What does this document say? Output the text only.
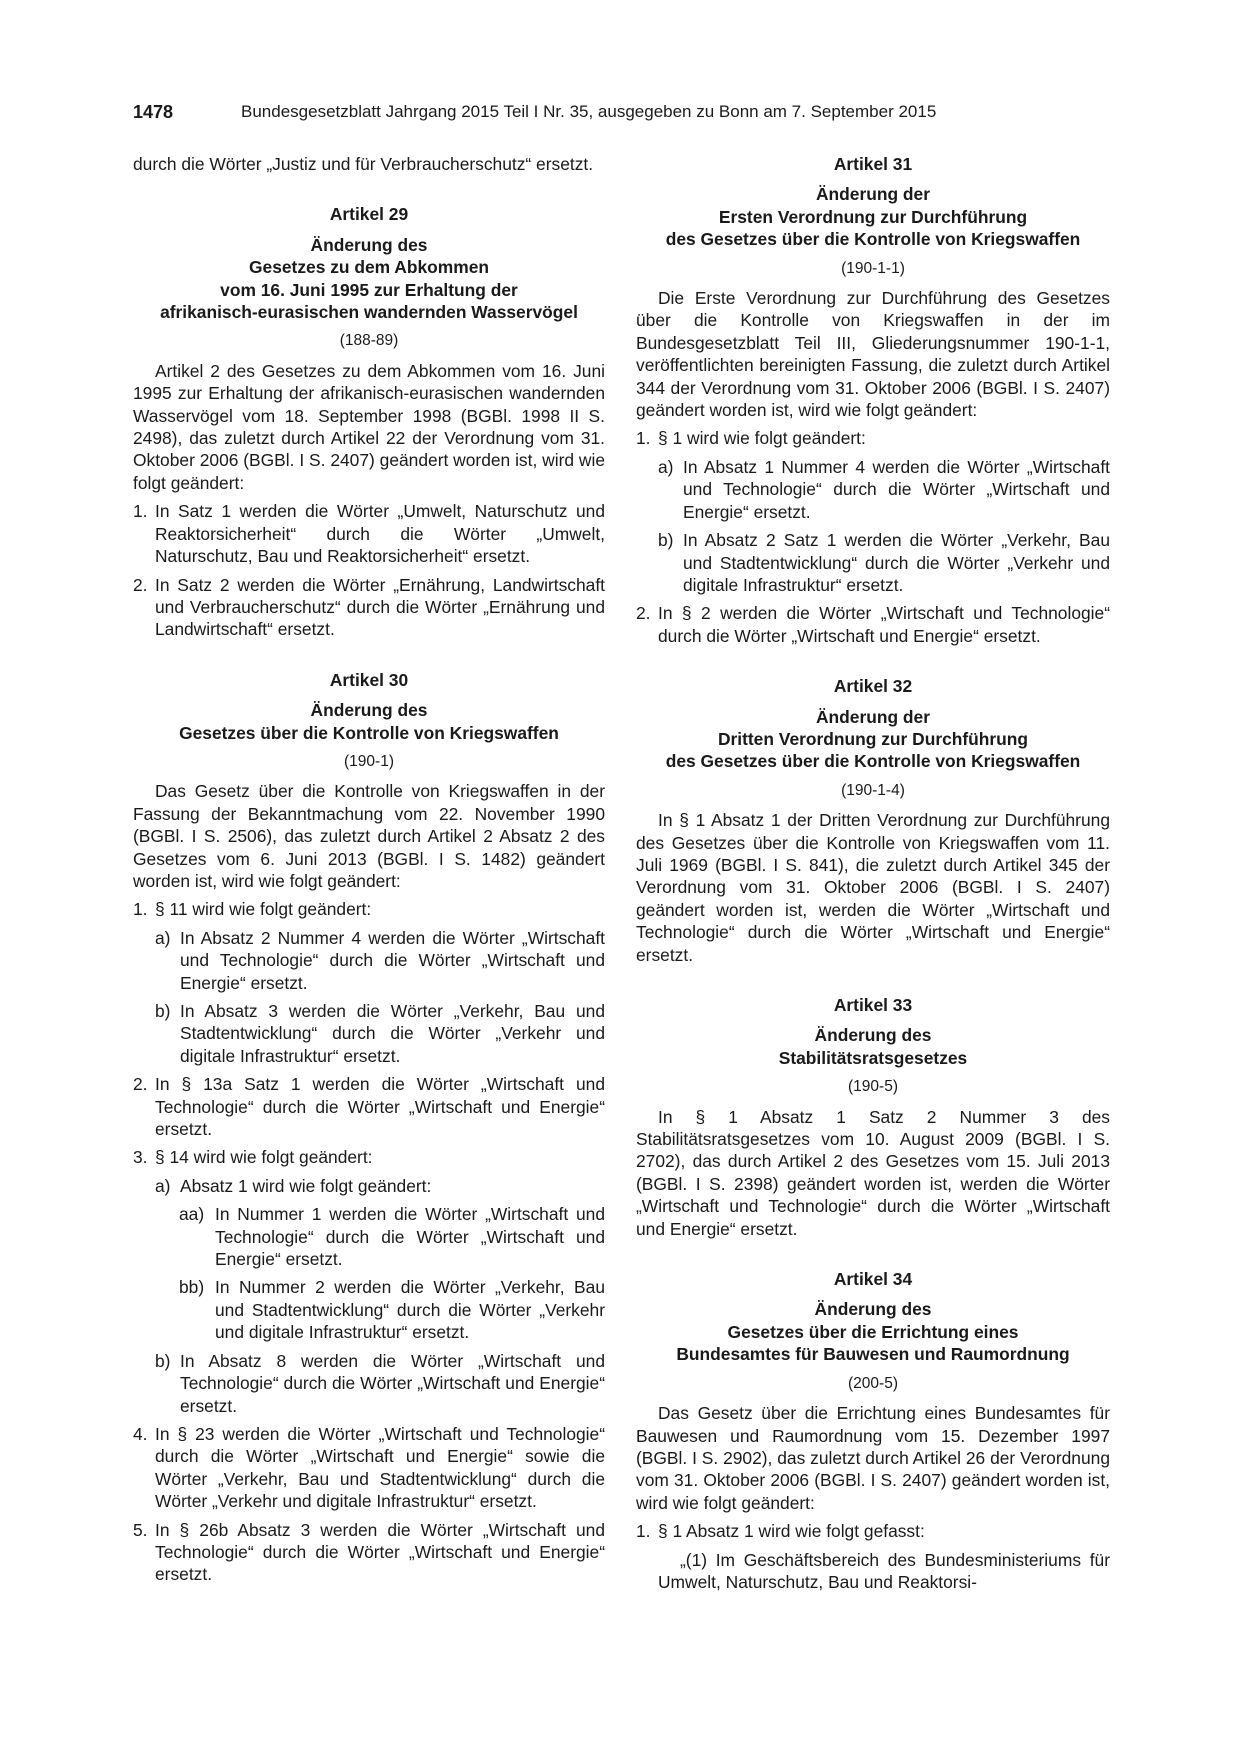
1478	Bundesgesetzblatt Jahrgang 2015 Teil I Nr. 35, ausgegeben zu Bonn am 7. September 2015

durch die Wörter „Justiz und für Verbraucherschutz“ ersetzt.

Artikel 29

Änderung des
Gesetzes zu dem Abkommen
vom 16. Juni 1995 zur Erhaltung der
afrikanisch-eurasischen wandernden Wasservögel

(188-89)

Artikel 2 des Gesetzes zu dem Abkommen vom 16. Juni 1995 zur Erhaltung der afrikanisch-eurasischen wandernden Wasservögel vom 18. September 1998 (BGBl. 1998 II S. 2498), das zuletzt durch Artikel 22 der Verordnung vom 31. Oktober 2006 (BGBl. I S. 2407) geändert worden ist, wird wie folgt geändert:

1. In Satz 1 werden die Wörter „Umwelt, Naturschutz und Reaktorsicherheit“ durch die Wörter „Umwelt, Naturschutz, Bau und Reaktorsicherheit“ ersetzt.
2. In Satz 2 werden die Wörter „Ernährung, Landwirtschaft und Verbraucherschutz“ durch die Wörter „Ernährung und Landwirtschaft“ ersetzt.

Artikel 30

Änderung des
Gesetzes über die Kontrolle von Kriegswaffen

(190-1)

Das Gesetz über die Kontrolle von Kriegswaffen in der Fassung der Bekanntmachung vom 22. November 1990 (BGBl. I S. 2506), das zuletzt durch Artikel 2 Absatz 2 des Gesetzes vom 6. Juni 2013 (BGBl. I S. 1482) geändert worden ist, wird wie folgt geändert:

1. § 11 wird wie folgt geändert:
a) In Absatz 2 Nummer 4 werden die Wörter „Wirtschaft und Technologie“ durch die Wörter „Wirtschaft und Energie“ ersetzt.
b) In Absatz 3 werden die Wörter „Verkehr, Bau und Stadtentwicklung“ durch die Wörter „Verkehr und digitale Infrastruktur“ ersetzt.
2. In § 13a Satz 1 werden die Wörter „Wirtschaft und Technologie“ durch die Wörter „Wirtschaft und Energie“ ersetzt.
3. § 14 wird wie folgt geändert:
a) Absatz 1 wird wie folgt geändert:
aa) In Nummer 1 werden die Wörter „Wirtschaft und Technologie“ durch die Wörter „Wirtschaft und Energie“ ersetzt.
bb) In Nummer 2 werden die Wörter „Verkehr, Bau und Stadtentwicklung“ durch die Wörter „Verkehr und digitale Infrastruktur“ ersetzt.
b) In Absatz 8 werden die Wörter „Wirtschaft und Technologie“ durch die Wörter „Wirtschaft und Energie“ ersetzt.
4. In § 23 werden die Wörter „Wirtschaft und Technologie“ durch die Wörter „Wirtschaft und Energie“ sowie die Wörter „Verkehr, Bau und Stadtentwicklung“ durch die Wörter „Verkehr und digitale Infrastruktur“ ersetzt.
5. In § 26b Absatz 3 werden die Wörter „Wirtschaft und Technologie“ durch die Wörter „Wirtschaft und Energie“ ersetzt.

Artikel 31

Änderung der
Ersten Verordnung zur Durchführung
des Gesetzes über die Kontrolle von Kriegswaffen

(190-1-1)

Die Erste Verordnung zur Durchführung des Gesetzes über die Kontrolle von Kriegswaffen in der im Bundesgesetzblatt Teil III, Gliederungsnummer 190-1-1, veröffentlichten bereinigten Fassung, die zuletzt durch Artikel 344 der Verordnung vom 31. Oktober 2006 (BGBl. I S. 2407) geändert worden ist, wird wie folgt geändert:

1. § 1 wird wie folgt geändert:
a) In Absatz 1 Nummer 4 werden die Wörter „Wirtschaft und Technologie“ durch die Wörter „Wirtschaft und Energie“ ersetzt.
b) In Absatz 2 Satz 1 werden die Wörter „Verkehr, Bau und Stadtentwicklung“ durch die Wörter „Verkehr und digitale Infrastruktur“ ersetzt.
2. In § 2 werden die Wörter „Wirtschaft und Technologie“ durch die Wörter „Wirtschaft und Energie“ ersetzt.

Artikel 32

Änderung der
Dritten Verordnung zur Durchführung
des Gesetzes über die Kontrolle von Kriegswaffen

(190-1-4)

In § 1 Absatz 1 der Dritten Verordnung zur Durchführung des Gesetzes über die Kontrolle von Kriegswaffen vom 11. Juli 1969 (BGBl. I S. 841), die zuletzt durch Artikel 345 der Verordnung vom 31. Oktober 2006 (BGBl. I S. 2407) geändert worden ist, werden die Wörter „Wirtschaft und Technologie“ durch die Wörter „Wirtschaft und Energie“ ersetzt.

Artikel 33

Änderung des
Stabilitätsratsgesetzes

(190-5)

In § 1 Absatz 1 Satz 2 Nummer 3 des Stabilitätsratsgesetzes vom 10. August 2009 (BGBl. I S. 2702), das durch Artikel 2 des Gesetzes vom 15. Juli 2013 (BGBl. I S. 2398) geändert worden ist, werden die Wörter „Wirtschaft und Technologie“ durch die Wörter „Wirtschaft und Energie“ ersetzt.

Artikel 34

Änderung des
Gesetzes über die Errichtung eines
Bundesamtes für Bauwesen und Raumordnung

(200-5)

Das Gesetz über die Errichtung eines Bundesamtes für Bauwesen und Raumordnung vom 15. Dezember 1997 (BGBl. I S. 2902), das zuletzt durch Artikel 26 der Verordnung vom 31. Oktober 2006 (BGBl. I S. 2407) geändert worden ist, wird wie folgt geändert:

1. § 1 Absatz 1 wird wie folgt gefasst:

„(1) Im Geschäftsbereich des Bundesministeriums für Umwelt, Naturschutz, Bau und Reaktorsi-
